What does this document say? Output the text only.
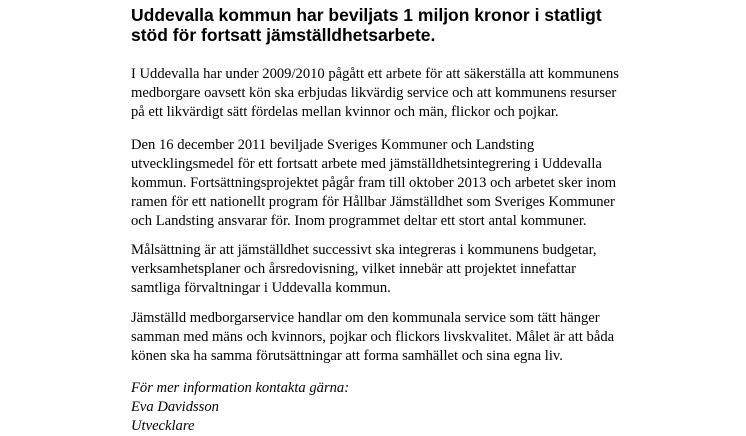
Uddevalla kommun har beviljats 1 miljon kronor i statligt
stöd för fortsatt jämställdhetsarbete.

I Uddevalla har under 2009/2010 pågått ett arbete för att säkerställa att kommunens
medborgare oavsett kön ska erbjudas likvärdig service och att kommunens resurser
på ett likvärdigt sätt fördelas mellan kvinnor och män, flickor och pojkar.

Den 16 december 2011 beviljade Sveriges Kommuner och Landsting
utvecklingsmedel för ett fortsatt arbete med jämställdhetsintegrering i Uddevalla
kommun. Fortsättningsprojektet pågår fram till oktober 2013 och arbetet sker inom
ramen för ett nationellt program för Hållbar Jämställdhet som Sveriges Kommuner
och Landsting ansvarar för. Inom programmet deltar ett stort antal kommuner.

Målsättning är att jämställdhet successivt ska integreras i kommunens budgetar,
verksamhetsplaner och årsredovisning, vilket innebär att projektet innefattar
samtliga förvaltningar i Uddevalla kommun.

Jämställd medborgarservice handlar om den kommunala service som tätt hänger
samman med mäns och kvinnors, pojkar och flickors livskvalitet. Målet är att båda
könen ska ha samma förutsättningar att forma samhället och sina egna liv.

För mer information kontakta gärna:
Eva Davidsson
Utvecklare
